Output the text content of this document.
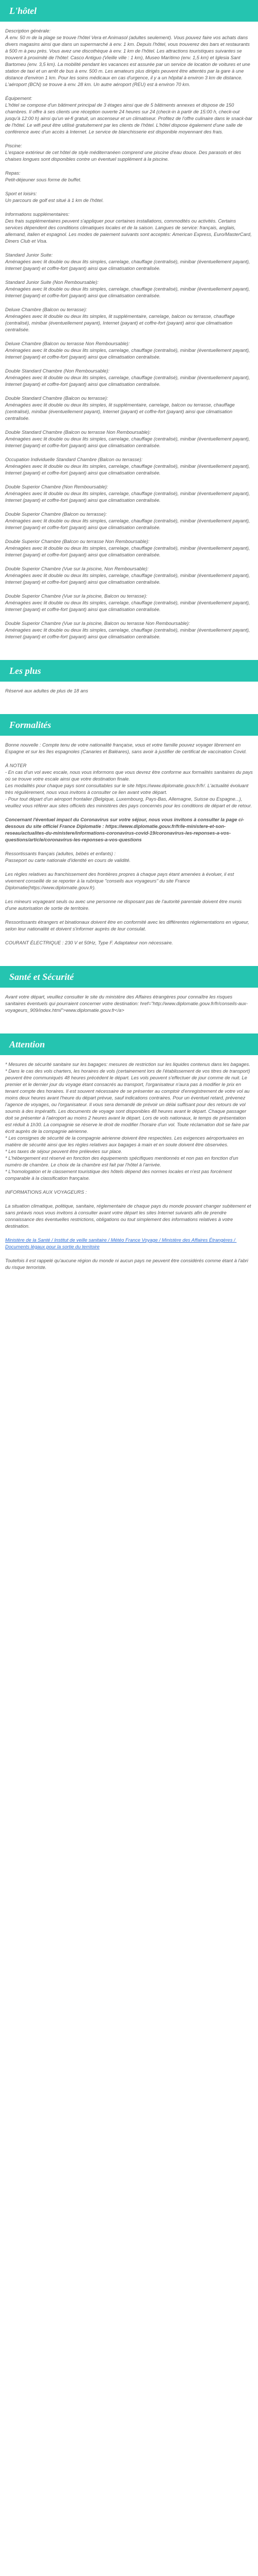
L'hôtel

Description générale:
À env. 50 m de la plage se trouve l'hôtel Vera et Animasol (adultes seulement). Vous pouvez faire vos achats dans divers magasins ainsi que dans un supermarché à env. 1 km. Depuis l'hôtel, vous trouverez des bars et restaurants à 500 m à peu près. Vous avez une discothèque à env. 1 km de l'hôtel. Les attractions touristiques suivantes se trouvent à proximité de l'hôtel: Casco Antiguo (Vieille ville : 1 km), Museo Marítimo (env. 1,5 km) et Iglesia Sant Bartomeu (env. 3,5 km). La mobilité pendant les vacances est assurée par un service de location de voitures et une station de taxi et un arrêt de bus à env. 500 m. Les amateurs plus dirigés peuvent être attentés par la gare à une distance d'environ 1 km. Pour les soins médicaux en cas d'urgence, il y a un hôpital à environ 3 km de distance. L'aéroport (BCN) se trouve à env. 28 km. Un autre aéroport (REU) est à environ 70 km.

Équipement:
L'hôtel se compose d'un bâtiment principal de 3 étages ainsi que de 5 bâtiments annexes et dispose de 150 chambres. Il offre à ses clients une réception ouverte 24 heures sur 24 (check-in à partir de 15:00 h, check-out jusqu'à 12:00 h) ainsi qu'un wi-fi gratuit, un ascenseur et un climatiseur. Profitez de l'offre culinaire dans le snack-bar de l'hôtel. Le wifi peut être utilisé gratuitement par les clients de l'hôtel. L'hôtel dispose également d'une salle de conférence avec d'un accès à Internet. Le service de blanchisserie est disponible moyennant des frais.

Piscine:
L'espace extérieur de cet hôtel de style méditerranéen comprend une piscine d'eau douce. Des parasols et des chaises longues sont disponibles contre un éventuel supplément à la piscine.

Repas:
Petit-déjeuner sous forme de buffet.

Sport et loisirs:
Un parcours de golf est situé à 1 km de l'hôtel.

Informations supplémentaires:
Des frais supplémentaires peuvent s'appliquer pour certaines installations, commodités ou activités. Certains services dépendent des conditions climatiques locales et de la saison. Langues de service: français, anglais, allemand, italien et espagnol. Les modes de paiement suivants sont acceptés: American Express, Euro/MasterCard, Diners Club et Visa.

Standard Junior Suite:
Aménagées avec lit double ou deux lits simples, carrelage, chauffage (centralisé), minibar (éventuellement payant), Internet (payant) et coffre-fort (payant) ainsi que climatisation centralisée.

Standard Junior Suite (Non Remboursable):
Aménagées avec lit double ou deux lits simples, carrelage, chauffage (centralisé), minibar (éventuellement payant), Internet (payant) et coffre-fort (payant) ainsi que climatisation centralisée.

Deluxe Chambre (Balcon ou terrasse):
Aménagées avec lit double ou deux lits simples, lit supplémentaire, carrelage, balcon ou terrasse, chauffage (centralisé), minibar (éventuellement payant), Internet (payant) et coffre-fort (payant) ainsi que climatisation centralisée.

Deluxe Chambre (Balcon ou terrasse Non Remboursable):
Aménagées avec lit double ou deux lits simples, carrelage, chauffage (centralisé), minibar (éventuellement payant), Internet (payant) et coffre-fort (payant) ainsi que climatisation centralisée.

Double Standard Chambre (Non Remboursable):
Aménagées avec lit double ou deux lits simples, carrelage, chauffage (centralisé), minibar (éventuellement payant), Internet (payant) et coffre-fort (payant) ainsi que climatisation centralisée.

Double Standard Chambre (Balcon ou terrasse):
Aménagées avec lit double ou deux lits simples, lit supplémentaire, carrelage, balcon ou terrasse, chauffage (centralisé), minibar (éventuellement payant), Internet (payant) et coffre-fort (payant) ainsi que climatisation centralisée.

Double Standard Chambre (Balcon ou terrasse Non Remboursable):
Aménagées avec lit double ou deux lits simples, carrelage, chauffage (centralisé), minibar (éventuellement payant), Internet (payant) et coffre-fort (payant) ainsi que climatisation centralisée.

Occupation Individuelle Standard Chambre (Balcon ou terrasse):
Aménagées avec lit double ou deux lits simples, carrelage, chauffage (centralisé), minibar (éventuellement payant), Internet (payant) et coffre-fort (payant) ainsi que climatisation centralisée.

Double Superior Chambre (Non Remboursable):
Aménagées avec lit double ou deux lits simples, carrelage, chauffage (centralisé), minibar (éventuellement payant), Internet (payant) et coffre-fort (payant) ainsi que climatisation centralisée.

Double Superior Chambre (Balcon ou terrasse):
Aménagées avec lit double ou deux lits simples, carrelage, chauffage (centralisé), minibar (éventuellement payant), Internet (payant) et coffre-fort (payant) ainsi que climatisation centralisée.

Double Superior Chambre (Balcon ou terrasse Non Remboursable):
Aménagées avec lit double ou deux lits simples, carrelage, chauffage (centralisé), minibar (éventuellement payant), Internet (payant) et coffre-fort (payant) ainsi que climatisation centralisée.

Double Superior Chambre (Vue sur la piscine, Non Remboursable):
Aménagées avec lit double ou deux lits simples, carrelage, chauffage (centralisé), minibar (éventuellement payant), Internet (payant) et coffre-fort (payant) ainsi que climatisation centralisée.

Double Superior Chambre (Vue sur la piscine, Balcon ou terrasse):
Aménagées avec lit double ou deux lits simples, carrelage, chauffage (centralisé), minibar (éventuellement payant), Internet (payant) et coffre-fort (payant) ainsi que climatisation centralisée.

Double Superior Chambre (Vue sur la piscine, Balcon ou terrasse Non Remboursable):
Aménagées avec lit double ou deux lits simples, carrelage, chauffage (centralisé), minibar (éventuellement payant), Internet (payant) et coffre-fort (payant) ainsi que climatisation centralisée.

Les plus

Réservé aux adultes de plus de 18 ans

Formalités

Bonne nouvelle : Compte tenu de votre nationalité française, vous et votre famille pouvez voyager librement en Espagne et sur les îles espagnoles (Canaries et Baléares), sans avoir à justifier de certificat de vaccination Covid.

À NOTER
- En cas d'un vol avec escale, nous vous informons que vous devrez être conforme aux formalités sanitaires du pays où se trouve votre escale ainsi que votre destination finale.
Les modalités pour chaque pays sont consultables sur le site https://www.diplomatie.gouv.fr/fr/. L'actualité évoluant très régulièrement, nous vous invitons à consulter ce lien avant votre départ.
- Pour tout départ d'un aéroport frontalier (Belgique, Luxembourg, Pays-Bas, Allemagne, Suisse ou Espagne...), veuillez vous référer aux sites officiels des ministères des pays concernés pour les conditions de départ et de retour.

Concernant l'éventuel impact du Coronavirus sur votre séjour, nous vous invitons à consulter la page ci-dessous du site officiel France Diplomatie : https://www.diplomatie.gouv.fr/fr/le-ministere-et-son-reseau/actualites-du-ministere/informations-coronavirus-covid-19/coronavirus-les-reponses-a-vos-questions/article/coronavirus-les-reponses-a-vos-questions

Ressortissants français (adultes, bébés et enfants) :
Passeport ou carte nationale d'identité en cours de validité.

Les règles relatives au franchissement des frontières propres à chaque pays étant amenées à évoluer, il est vivement conseillé de se reporter à la rubrique "conseils aux voyageurs" du site France Diplomatie(https://www.diplomatie.gouv.fr).

Les mineurs voyageant seuls ou avec une personne ne disposant pas de l'autorité parentale doivent être munis d'une autorisation de sortie de territoire.

Ressortissants étrangers et binationaux doivent être en conformité avec les différentes réglementations en vigueur, selon leur nationalité et doivent s'informer auprès de leur consulat.

COURANT ÉLECTRIQUE : 230 V et 50Hz, Type F. Adaptateur non nécessaire.

Santé et Sécurité

Avant votre départ, veuillez consulter le site du ministère des Affaires étrangères pour connaître les risques sanitaires éventuels qui pourraient concerner votre destination: href="http://www.diplomatie.gouv.fr/fr/conseils-aux-voyageurs_909/index.html">www.diplomatie.gouv.fr</a>

Attention

* Mesures de sécurité sanitaire sur les bagages: mesures de restriction sur les liquides contenus dans les bagages.
* Dans le cas des vols charters, les horaires de vols (certainement lors de l'établissement de vos titres de transport) peuvent être communiqués 48 heures précédent le départ. Les vols peuvent s'effectuer de jour comme de nuit. Le premier et le dernier jour du voyage étant consacrés au transport, l'organisateur n'aura pas à modifier le prix en tenant compte des horaires. Il est souvent nécessaire de se présenter au comptoir d'enregistrement de votre vol au moins deux heures avant l'heure du départ prévue, sauf indications contraires. Pour un éventuel retard, prévenez l'agence de voyages, ou l'organisateur. Il vous sera demandé de prévoir un délai suffisant pour des retours de vol soumis à des impératifs. Les documents de voyage sont disponibles 48 heures avant le départ. Chaque passager doit se présenter à l'aéroport au moins 2 heures avant le départ. Lors de vols nationaux, le temps de présentation est réduit à 1h30. La compagnie se réserve le droit de modifier l'horaire d'un vol. Toute réclamation doit se faire par écrit auprès de la compagnie aérienne.
* Les consignes de sécurité de la compagnie aérienne doivent être respectées. Les exigences aéroportuaires en matière de sécurité ainsi que les règles relatives aux bagages à main et en soute doivent être observées.
* Les taxes de séjour peuvent être prélevées sur place.
* L'hébergement est réservé en fonction des équipements spécifiques mentionnés et non pas en fonction d'un numéro de chambre. Le choix de la chambre est fait par l'hôtel à l'arrivée.
* L'homologation et le classement touristique des hôtels dépend des normes locales et n'est pas forcément comparable à la classification française.

INFORMATIONS AUX VOYAGEURS :

La situation climatique, politique, sanitaire, réglementaire de chaque pays du monde pouvant changer subitement et sans préavis nous vous invitons à consulter avant votre départ les sites Internet suivants afin de prendre connaissance des éventuelles restrictions, obligations ou tout simplement des informations relatives à votre destination.

Ministère de la Santé / Institut de veille sanitaire / Météo France Voyage / Ministère des Affaires Étrangères / Documents légaux pour la sortie du territoire

Toutefois il est rappelé qu'aucune région du monde ni aucun pays ne peuvent être considérés comme étant à l'abri du risque terroriste.
